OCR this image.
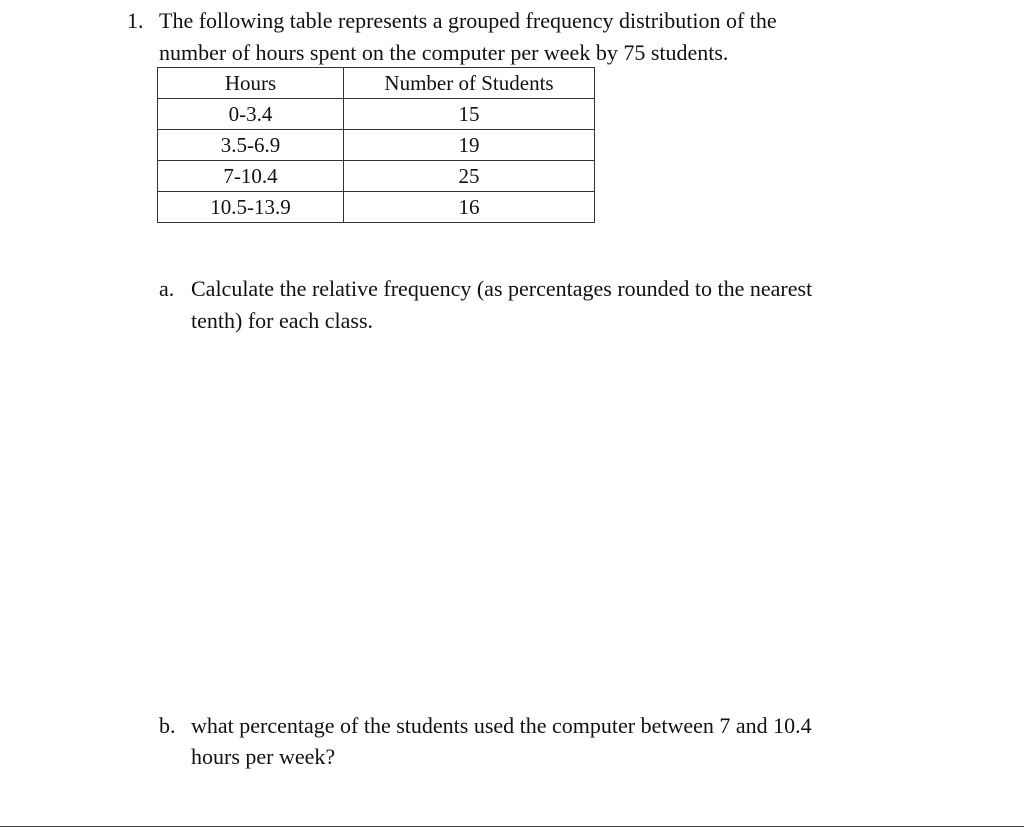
1. The following table represents a grouped frequency distribution of the
number of hours spent on the computer per week by 75 students.
Hours	Number of Students
0-3.4	15
3.5-6.9	19
7-10.4	25
10.5-13.9	16
a. Calculate the relative frequency (as percentages rounded to the nearest
tenth) for each class.
b. what percentage of the students used the computer between 7 and 10.4
hours per week?
